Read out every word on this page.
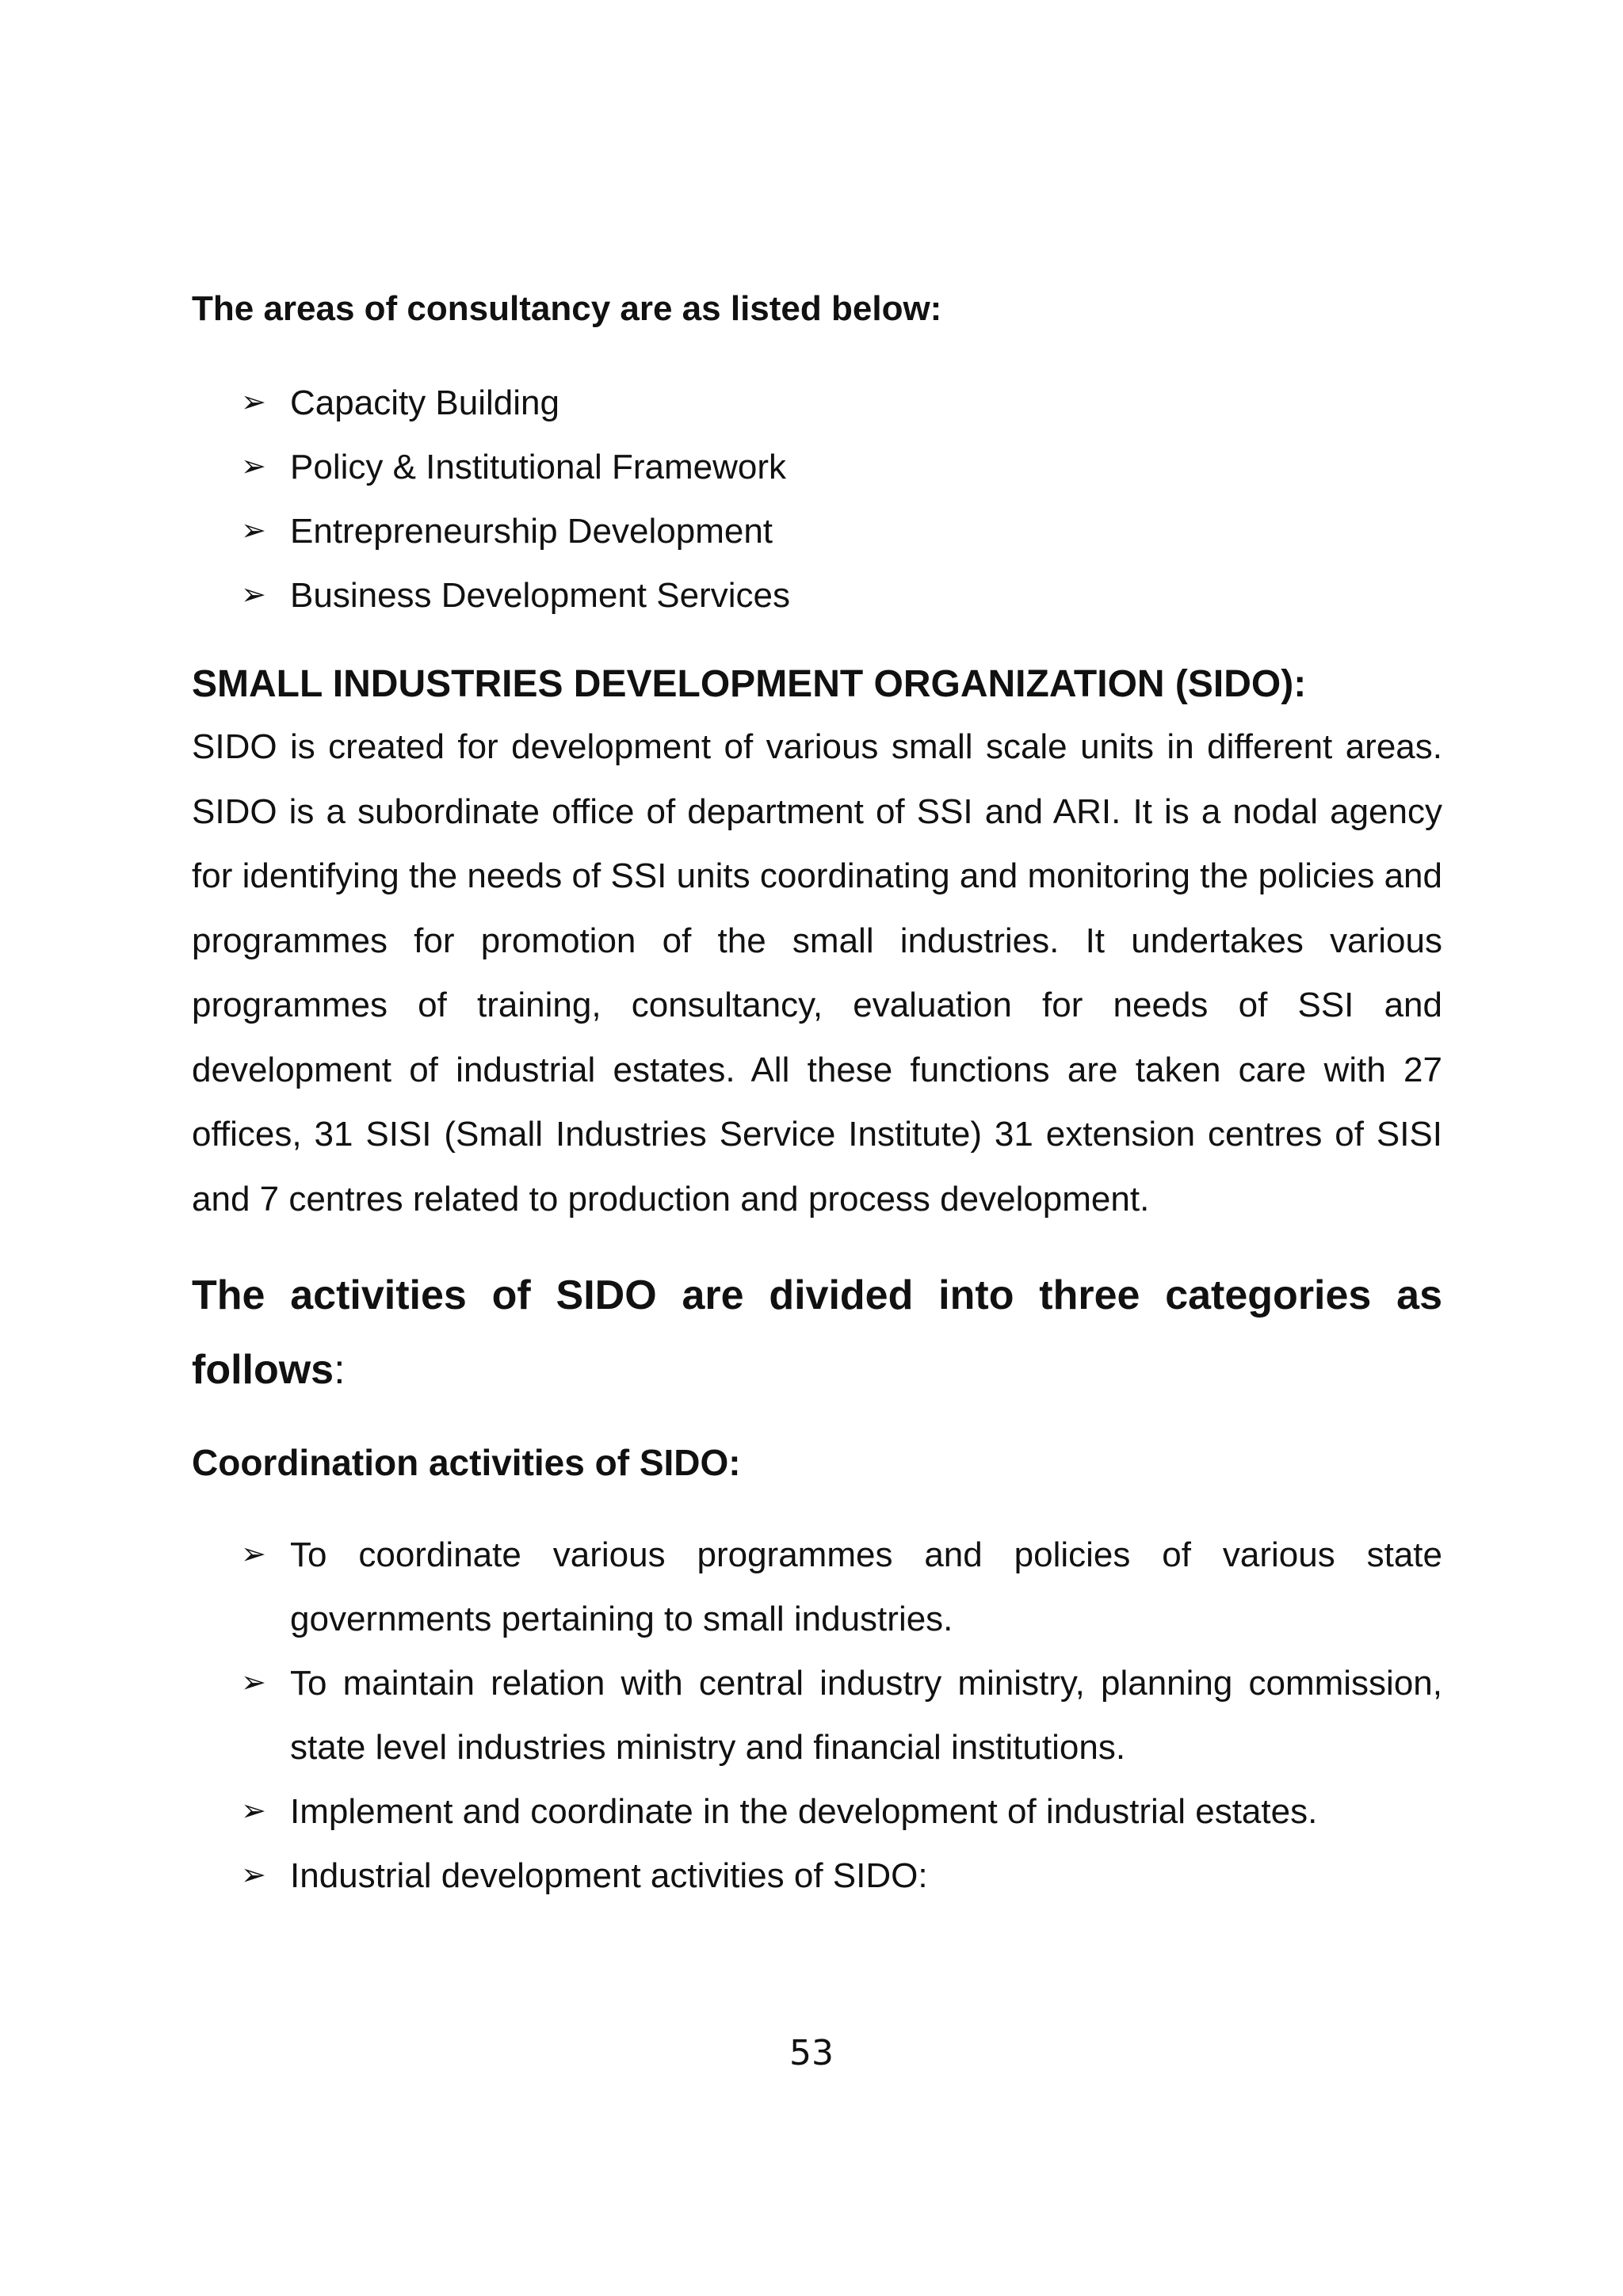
The areas of consultancy are as listed below:
➢ Capacity Building
➢ Policy & Institutional Framework
➢ Entrepreneurship Development
➢ Business Development Services
SMALL INDUSTRIES DEVELOPMENT ORGANIZATION (SIDO):

SIDO is created for development of various small scale units in different areas. SIDO is a subordinate office of department of SSI and ARI. It is a nodal agency for identifying the needs of SSI units coordinating and monitoring the policies and programmes for promotion of the small industries. It undertakes various programmes of training, consultancy, evaluation for needs of SSI and development of industrial estates. All these functions are taken care with 27 offices, 31 SISI (Small Industries Service Institute) 31 extension centres of SISI and 7 centres related to production and process development.

The activities of SIDO are divided into three categories as follows:
Coordination activities of SIDO:
➢ To coordinate various programmes and policies of various state governments pertaining to small industries.
➢ To maintain relation with central industry ministry, planning commission, state level industries ministry and financial institutions.
➢ Implement and coordinate in the development of industrial estates.
➢ Industrial development activities of SIDO:
53
